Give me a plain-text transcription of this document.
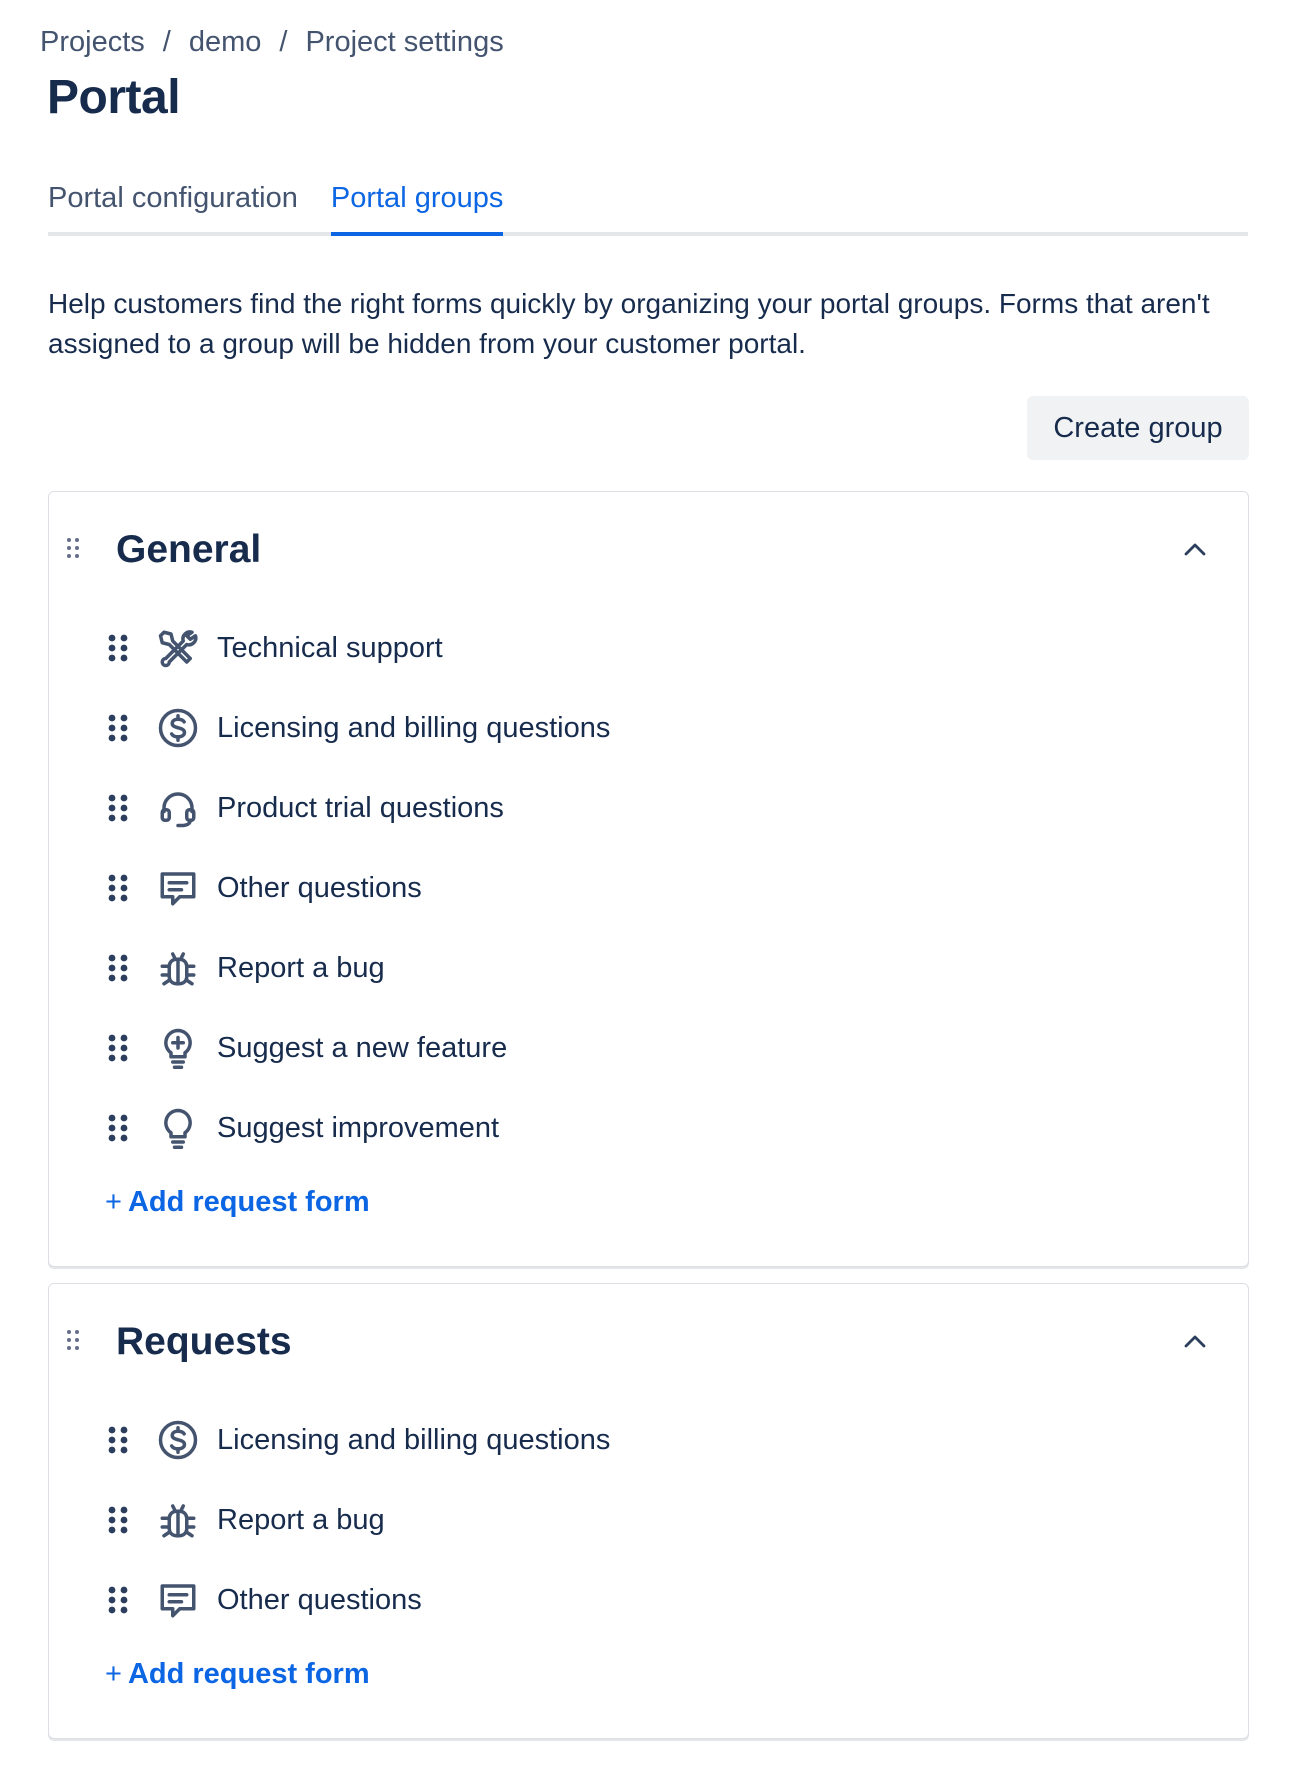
Projects / demo / Project settings
Portal
Portal configuration Portal groups

Help customers find the right forms quickly by organizing your portal groups. Forms that aren't assigned to a group will be hidden from your customer portal.

Create group
General
Technical support
Licensing and billing questions
Product trial questions
Other questions
Report a bug
Suggest a new feature
Suggest improvement
+ Add request form
Requests
Licensing and billing questions
Report a bug
Other questions
+ Add request form
